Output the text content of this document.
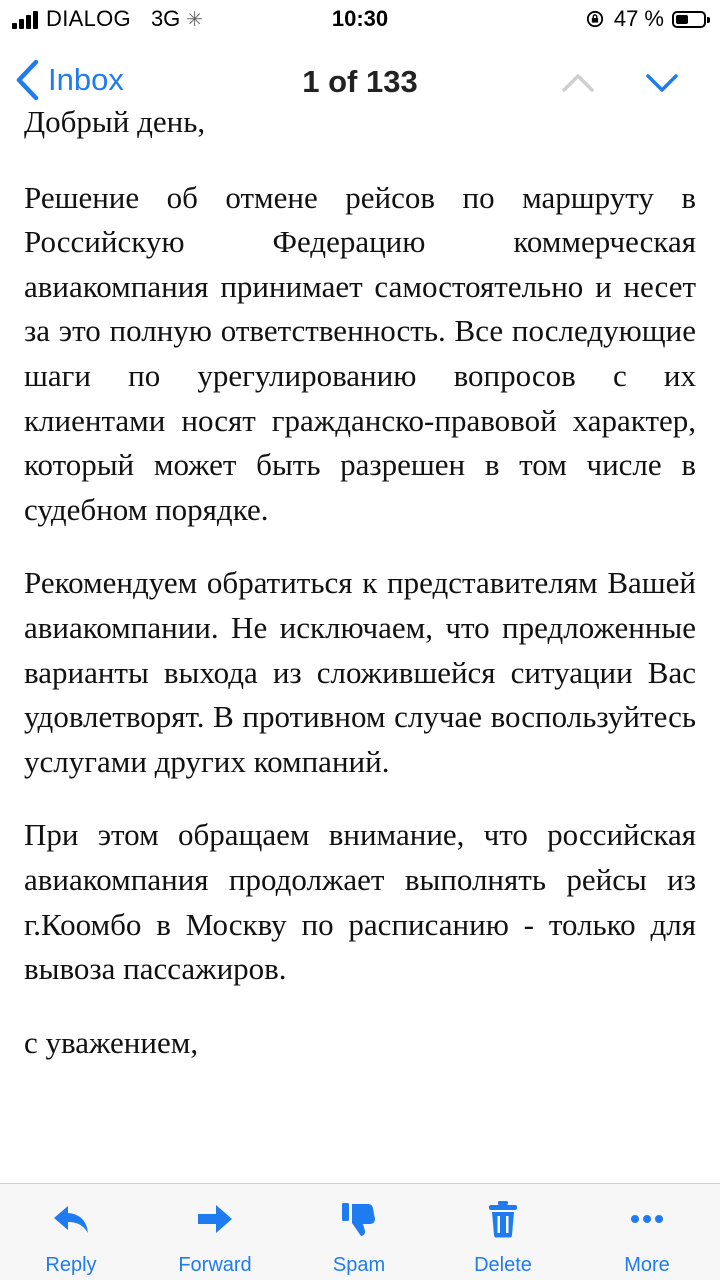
DIALOG 3G ✳	10:30	47 %
Inbox	1 of 133

Добрый день,

Решение об отмене рейсов по маршруту в Российскую Федерацию коммерческая авиакомпания принимает самостоятельно и несет за это полную ответственность. Все последующие шаги по урегулированию вопросов с их клиентами носят гражданско-правовой характер, который может быть разрешен в том числе в судебном порядке.

Рекомендуем обратиться к представителям Вашей авиакомпании. Не исключаем, что предложенные варианты выхода из сложившейся ситуации Вас удовлетворят. В противном случае воспользуйтесь услугами других компаний.

При этом обращаем внимание, что российская авиакомпания продолжает выполнять рейсы из г.Коомбо в Москву по расписанию - только для вывоза пассажиров.

с уважением,

Reply	Forward	Spam	Delete	More
